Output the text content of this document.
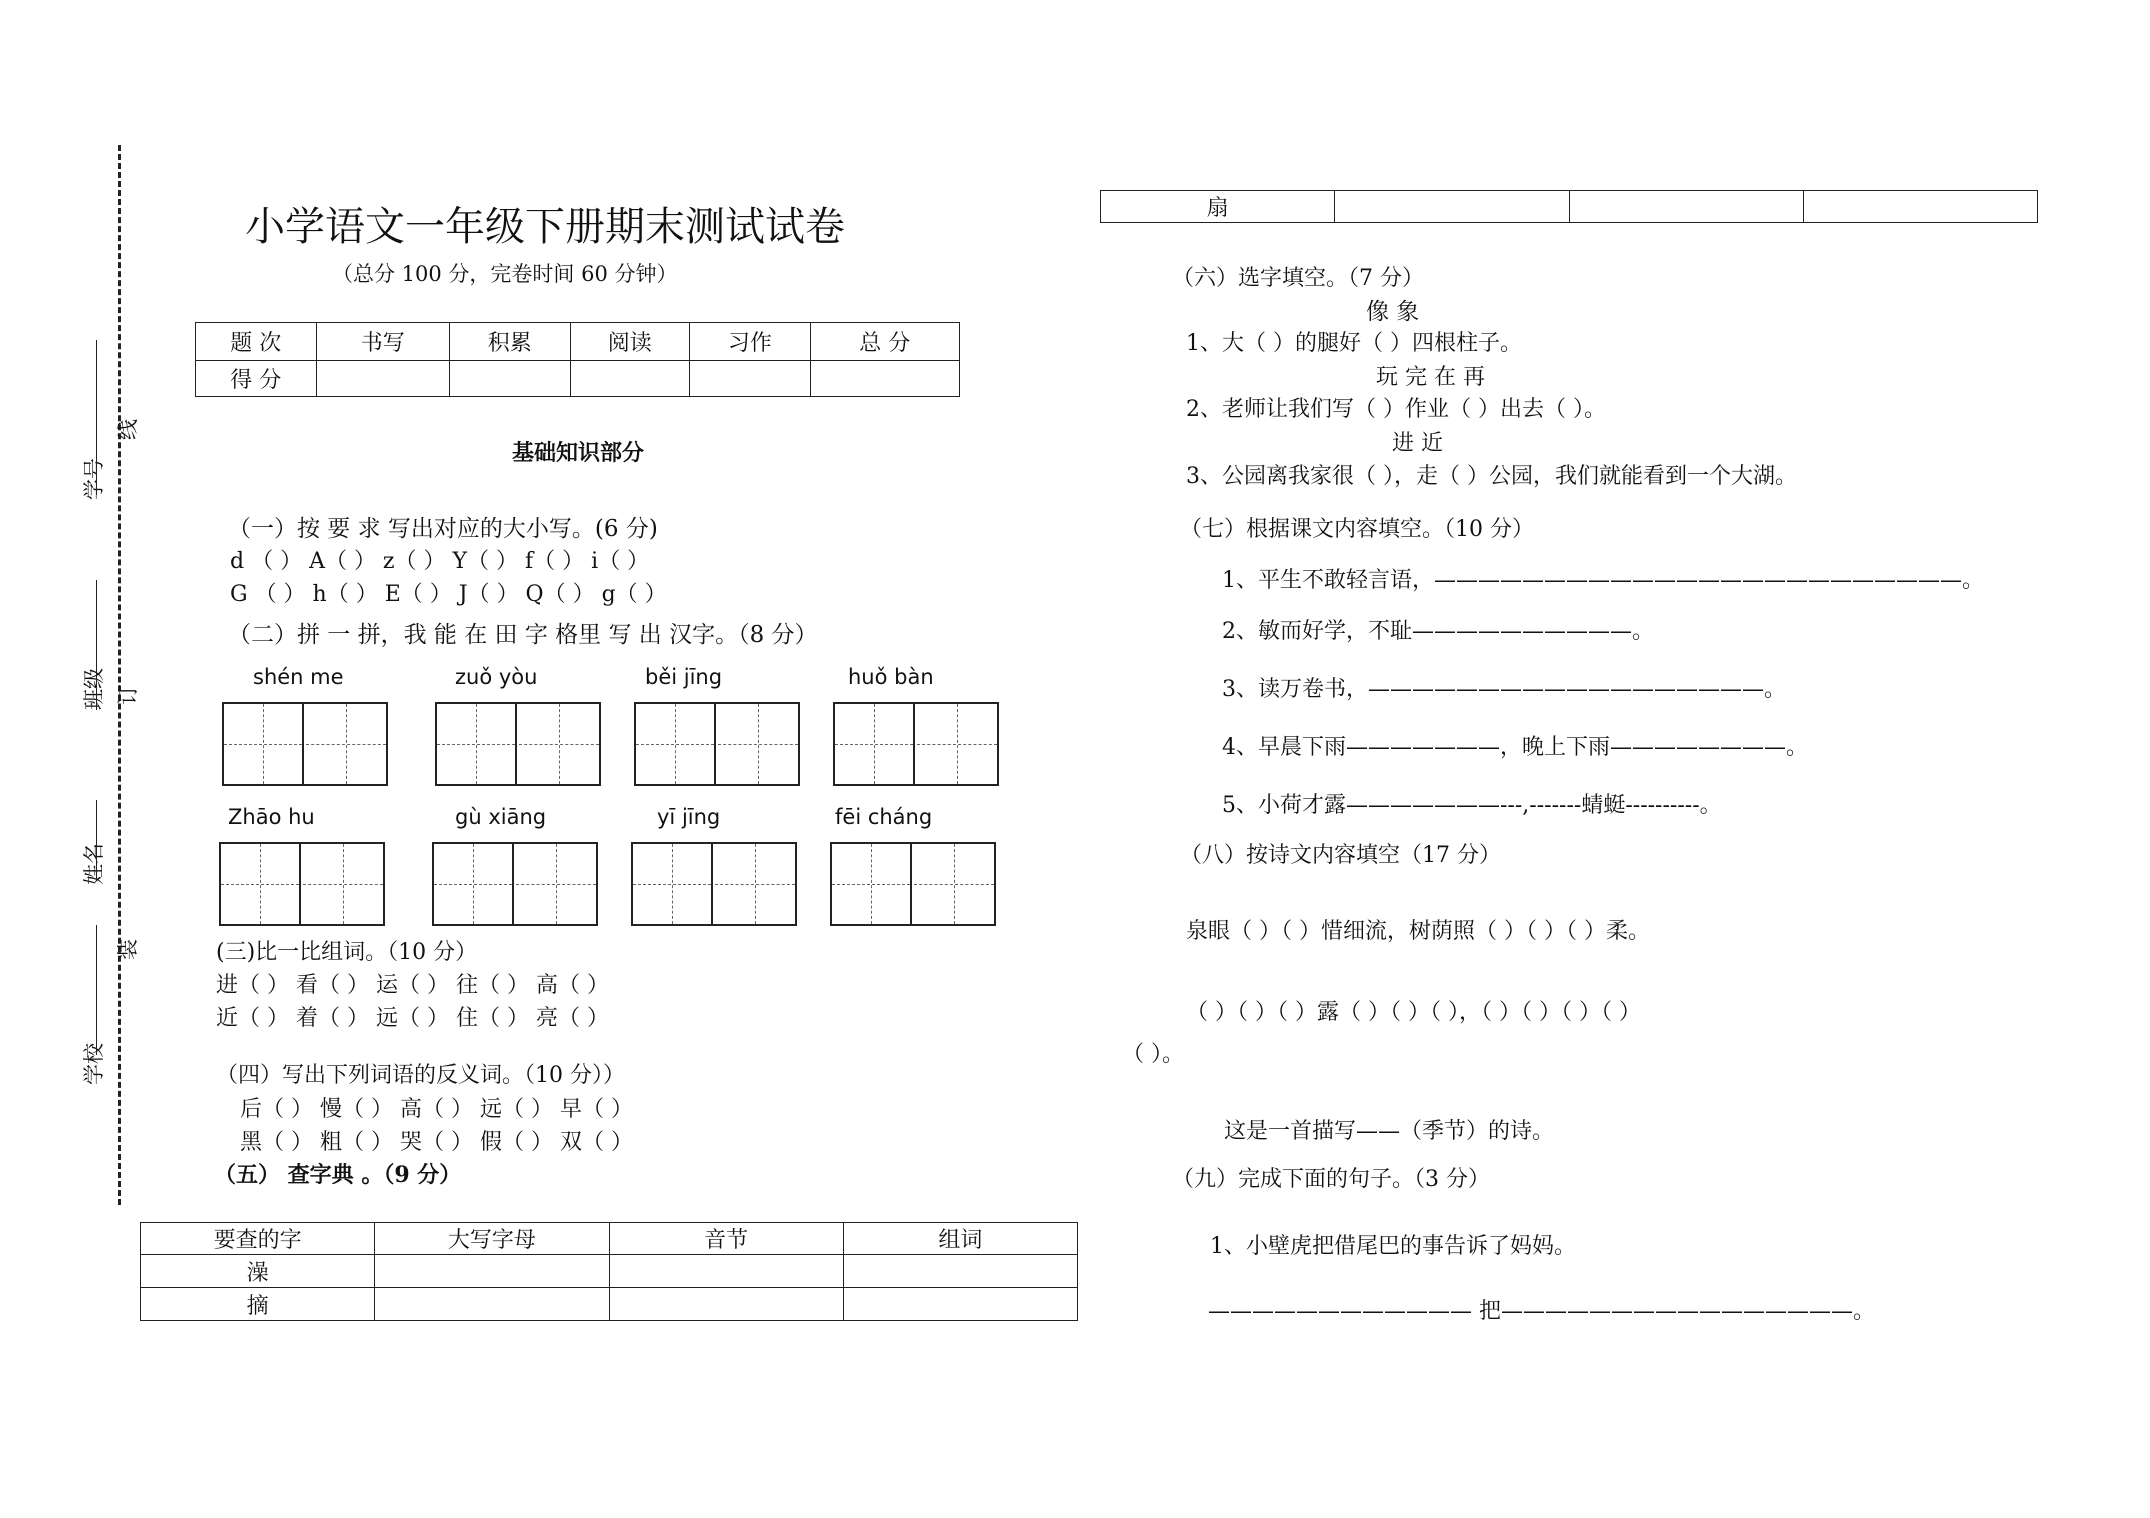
学号
班级
姓名
学校
线
订
装
小学语文一年级下册期末测试试卷
（总分 100 分，完卷时间 60 分钟）
题 次	书写	积累	阅读	习作	总 分
得 分					
基础知识部分
（一）按 要 求 写出对应的大小写。(6 分)
d （ ） A（ ） z（ ） Y（ ） f（ ） i（ ）
G （ ） h（ ） E（ ） J（ ） Q（ ） g（ ）
（二）拼 一 拼，我 能 在 田 字 格里 写 出 汉字。（8 分）
shén me	zuǒ yòu	běi jīng	huǒ bàn
Zhāo hu	gù xiāng	yī jīng	fēi cháng
(三)比一比组词。（10 分）
进（ ） 看（ ） 运（ ） 往（ ） 高（ ）
近（ ） 着（ ） 远（ ） 住（ ） 亮（ ）
（四）写出下列词语的反义词。（10 分））
后（ ） 慢（ ） 高（ ） 远（ ） 早（ ）
黑（ ） 粗（ ） 哭（ ） 假（ ） 双（ ）
（五） 查字典 。（9 分）
要查的字	大写字母	音节	组词
澡			
摘			
扇			
（六）选字填空。（7 分）
像 象
1、大（ ）的腿好（ ）四根柱子。
玩 完 在 再
2、老师让我们写（ ）作业（ ）出去（ ）。
进 近
3、公园离我家很（ ），走（ ）公园，我们就能看到一个大湖。
（七）根据课文内容填空。（10 分）
1、平生不敢轻言语，————————————————————————。
2、敏而好学，不耻——————————。
3、读万卷书，——————————————————。
4、早晨下雨———————，晚上下雨————————。
5、小荷才露———————---,-------蜻蜓----------。
（八）按诗文内容填空（17 分）
泉眼（ ）（ ）惜细流，树荫照（ ）（ ）（ ）柔。
（ ）（ ）（ ）露（ ）（ ）（ ），（ ）（ ）（ ）（ ）
（ ）。
这是一首描写——（季节）的诗。
（九）完成下面的句子。（3 分）
1、小壁虎把借尾巴的事告诉了妈妈。
———————————— 把————————————————。
